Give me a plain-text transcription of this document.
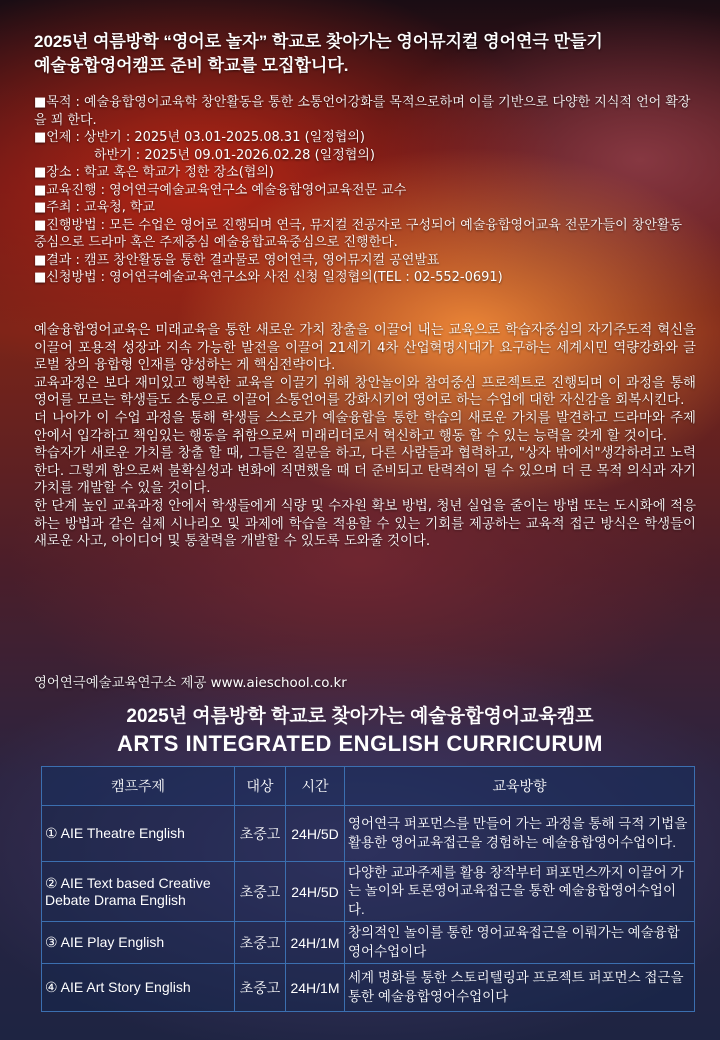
2025년 여름방학 “영어로 놀자” 학교로 찾아가는 영어뮤지컬 영어연극 만들기
예술융합영어캠프 준비 학교를 모집합니다.

■목적 : 예술융합영어교육학 창안활동을 통한 소통언어강화를 목적으로하며 이를 기반으로 다양한 지식적 언어 확장을 꾀 한다.

■언제 : 상반기 : 2025년 03.01-2025.08.31 (일정협의)

하반기 : 2025년 09.01-2026.02.28 (일정협의)

■장소 : 학교 혹은 학교가 정한 장소(협의)

■교육진행 : 영어연극예술교육연구소 예술융합영어교육전문 교수

■주최 : 교육청, 학교

■진행방법 : 모든 수업은 영어로 진행되며 연극, 뮤지컬 전공자로 구성되어 예술융합영어교육 전문가들이 창안활동 중심으로 드라마 혹은 주제중심 예술융합교육중심으로 진행한다.

■결과 : 캠프 창안활동을 통한 결과물로 영어연극, 영어뮤지컬 공연발표

■신청방법 : 영어연극예술교육연구소와 사전 신청 일정협의(TEL : 02-552-0691)

예술융합영어교육은 미래교육을 통한 새로운 가치 창출을 이끌어 내는 교육으로 학습자중심의 자기주도적 혁신을 이끌어 포용적 성장과 지속 가능한 발전을 이끌어 21세기 4차 산업혁명시대가 요구하는 세계시민 역량강화와 글로벌 창의 융합형 인재를 양성하는 게 핵심전략이다.

교육과정은 보다 재미있고 행복한 교육을 이끌기 위해 창안놀이와 참여중심 프로젝트로 진행되며 이 과정을 통해 영어를 모르는 학생들도 소통으로 이끌어 소통언어를 강화시키어 영어로 하는 수업에 대한 자신감을 회복시킨다.

더 나아가 이 수업 과정을 통해 학생들 스스로가 예술융합을 통한 학습의 새로운 가치를 발견하고 드라마와 주제 안에서 입각하고 책임있는 행동을 취함으로써 미래리더로서 혁신하고 행동 할 수 있는 능력을 갖게 할 것이다.

학습자가 새로운 가치를 창출 할 때, 그들은 질문을 하고, 다른 사람들과 협력하고, "상자 밖에서"생각하려고 노력한다. 그렇게 함으로써 불확실성과 변화에 직면했을 때 더 준비되고 탄력적이 될 수 있으며 더 큰 목적 의식과 자기 가치를 개발할 수 있을 것이다.

한 단계 높인 교육과정 안에서 학생들에게 식량 및 수자원 확보 방법, 청년 실업을 줄이는 방법 또는 도시화에 적응하는 방법과 같은 실제 시나리오 및 과제에 학습을 적용할 수 있는 기회를 제공하는 교육적 접근 방식은 학생들이 새로운 사고, 아이디어 및 통찰력을 개발할 수 있도록 도와줄 것이다.

영어연극예술교육연구소 제공 www.aieschool.co.kr
2025년 여름방학 학교로 찾아가는 예술융합영어교육캠프
ARTS INTEGRATED ENGLISH CURRICURUM
캠프주제	대상	시간	교육방향
① AIE Theatre English	초중고	24H/5D	영어연극 퍼포먼스를 만들어 가는 과정을 통해 극적 기법을 활용한 영어교육접근을 경험하는 예술융합영어수업이다.
② AIE Text based Creative Debate Drama English	초중고	24H/5D	다양한 교과주제를 활용 창작부터 퍼포먼스까지 이끌어 가는 놀이와 토론영어교육접근을 통한 예술융합영어수업이다.
③ AIE Play English	초중고	24H/1M	창의적인 놀이를 통한 영어교육접근을 이뤄가는 예술융합영어수업이다
④ AIE Art Story English	초중고	24H/1M	세계 명화를 통한 스토리텔링과 프로젝트 퍼포먼스 접근을 통한 예술융합영어수업이다
